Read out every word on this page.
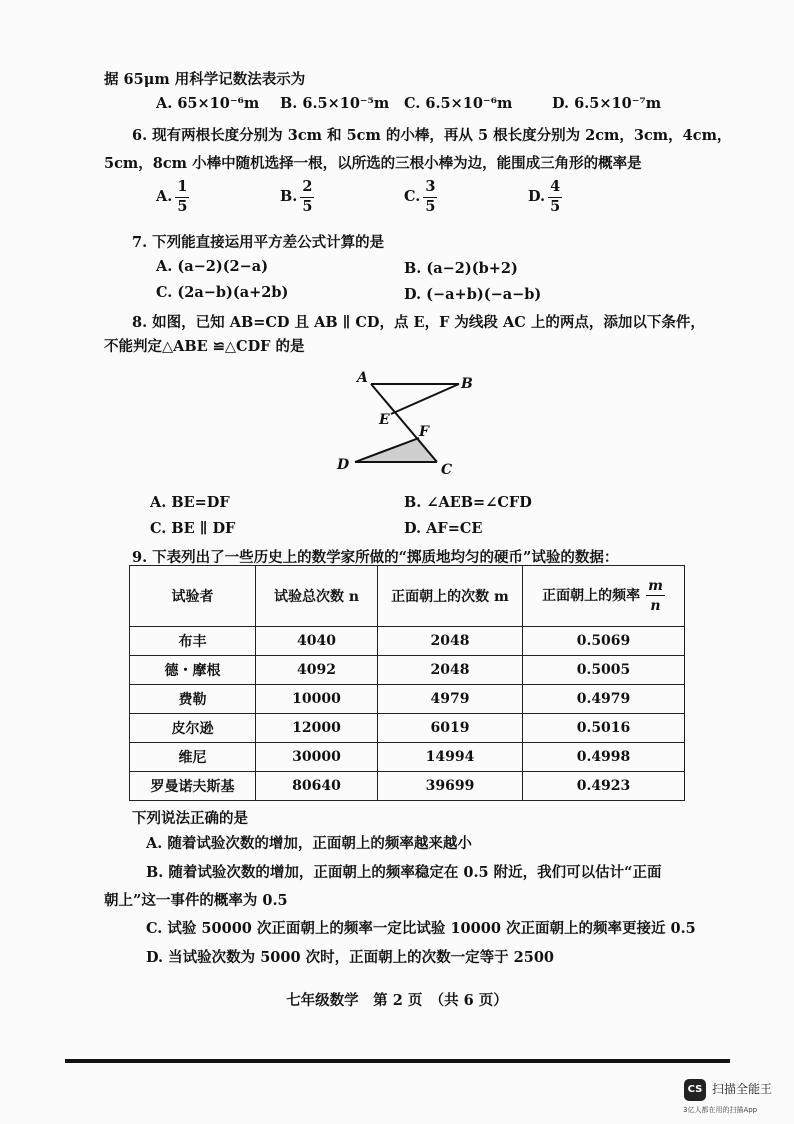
据 65μm 用科学记数法表示为
A. 65×10⁻⁶m B. 6.5×10⁻⁵m C. 6.5×10⁻⁶m	D. 6.5×10⁻⁷m
6. 现有两根长度分别为 3cm 和 5cm 的小棒，再从 5 根长度分别为 2cm，3cm，4cm，
5cm，8cm 小棒中随机选择一根，以所选的三根小棒为边，能围成三角形的概率是
A. $\frac{1}{5}$	B. $\frac{2}{5}$	C. $\frac{3}{5}$	D. $\frac{4}{5}$
7. 下列能直接运用平方差公式计算的是
A. (a−2)(2−a)	B. (a−2)(b+2)
C. (2a−b)(a+2b)	D. (−a+b)(−a−b)
8. 如图，已知 AB=CD 且 AB ∥ CD，点 E，F 为线段 AC 上的两点，添加以下条件，
不能判定△ABE ≌△CDF 的是
A	B
E
F
D	C
A. BE=DF	B. ∠AEB=∠CFD
C. BE ∥ DF	D. AF=CE
9. 下表列出了一些历史上的数学家所做的“掷质地均匀的硬币”试验的数据：
试验者	试验总次数 n	正面朝上的次数 m	正面朝上的频率 $\frac{m}{n}$

布丰	4040	2048	0.5069
德・摩根	4092	2048	0.5005
费勒	10000	4979	0.4979
皮尔逊	12000	6019	0.5016
维尼	30000	14994	0.4998
罗曼诺夫斯基	80640	39699	0.4923
下列说法正确的是
A. 随着试验次数的增加，正面朝上的频率越来越小
B. 随着试验次数的增加，正面朝上的频率稳定在 0.5 附近，我们可以估计“正面
朝上”这一事件的概率为 0.5
C. 试验 50000 次正面朝上的频率一定比试验 10000 次正面朝上的频率更接近 0.5
D. 当试验次数为 5000 次时，正面朝上的次数一定等于 2500
七年级数学　第 2 页　（共 6 页）
CS 扫描全能王
3亿人都在用的扫描App
